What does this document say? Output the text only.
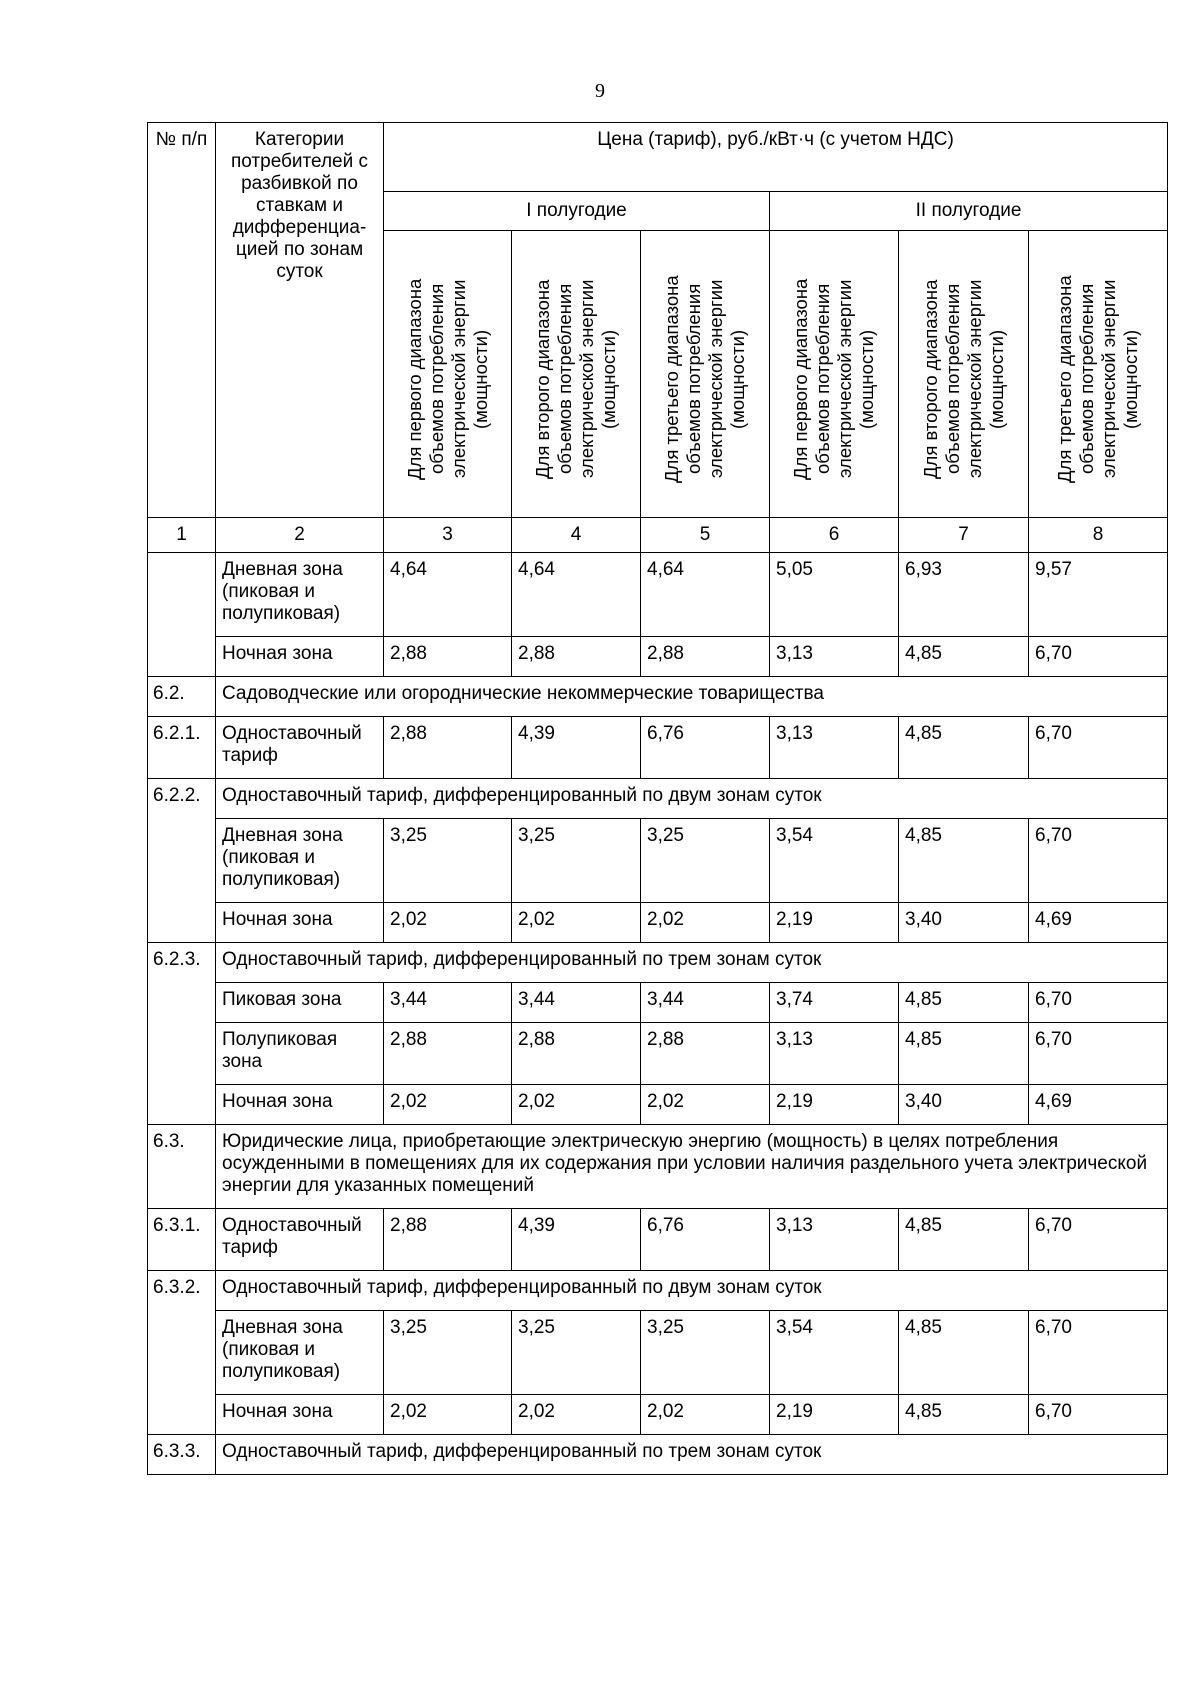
9
№ п/п	Категории потребителей с разбивкой по ставкам и дифференциа-цией по зонам суток	Цена (тариф), руб./кВт·ч (с учетом НДС)					
		I полугодие			II полугодие		

		Для первого диапазона объемов потребления электрической энергии (мощности)	Для второго диапазона объемов потребления электрической энергии (мощности)	Для третьего диапазона объемов потребления электрической энергии (мощности)	Для первого диапазона объемов потребления электрической энергии (мощности)	Для второго диапазона объемов потребления электрической энергии (мощности)	Для третьего диапазона объемов потребления электрической энергии (мощности)

1	2	3	4	5	6	7	8
	Дневная зона (пиковая и полупиковая)	4,64	4,64	4,64	5,05	6,93	9,57
	Ночная зона	2,88	2,88	2,88	3,13	4,85	6,70
6.2.	Садоводческие или огороднические некоммерческие товарищества						
6.2.1.	Одноставочный тариф	2,88	4,39	6,76	3,13	4,85	6,70
6.2.2.	Одноставочный тариф, дифференцированный по двум зонам суток						
	Дневная зона (пиковая и полупиковая)	3,25	3,25	3,25	3,54	4,85	6,70
	Ночная зона	2,02	2,02	2,02	2,19	3,40	4,69
6.2.3.	Одноставочный тариф, дифференцированный по трем зонам суток						
	Пиковая зона	3,44	3,44	3,44	3,74	4,85	6,70
	Полупиковая зона	2,88	2,88	2,88	3,13	4,85	6,70
	Ночная зона	2,02	2,02	2,02	2,19	3,40	4,69
6.3.	Юридические лица, приобретающие электрическую энергию (мощность) в целях потребления осужденными в помещениях для их содержания при условии наличия раздельного учета электрической энергии для указанных помещений						
6.3.1.	Одноставочный тариф	2,88	4,39	6,76	3,13	4,85	6,70
6.3.2.	Одноставочный тариф, дифференцированный по двум зонам суток						
	Дневная зона (пиковая и полупиковая)	3,25	3,25	3,25	3,54	4,85	6,70
	Ночная зона	2,02	2,02	2,02	2,19	4,85	6,70
6.3.3.	Одноставочный тариф, дифференцированный по трем зонам суток						
